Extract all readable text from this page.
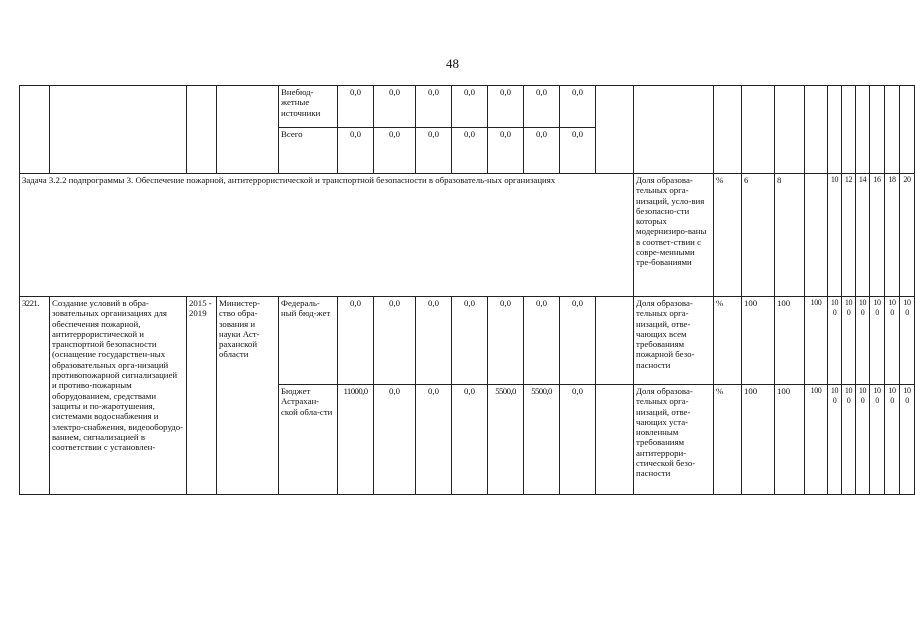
48
				Внебюд-жетные источники	0,0	0,0	0,0	0,0	0,0	0,0	0,0												
				Всего	0,0	0,0	0,0	0,0	0,0	0,0	0,0												
Задача 3.2.2 подпрограммы 3. Обеспечение пожарной, антитеррористической и транспортной безопасности в образователь-ных организациях													Доля образова-тельных орга-низаций, усло-вия безопасно-сти которых модернизиро-ваны в соответ-ствии с совре-менными тре-бованиями	%	6	8		10	12	14	16	18	20
3221.	Создание условий в обра-зовательных организациях для обеспечения пожарной, антитеррористической и транспортной безопасности (оснащение государствен-ных образовательных орга-низаций противопожарной сигнализацией и противо-пожарным оборудованием, средствами защиты и по-жаротушения, системами водоснабжения и электро-снабжения, видеооборудо-ванием, сигнализацией в соответствии с установлен-	2015 - 2019	Министер-ство обра-зования и науки Аст-раханской области	Федераль-ный бюд-жет	0,0	0,0	0,0	0,0	0,0	0,0	0,0		Доля образова-тельных орга-низаций, отве-чающих всем требованиям пожарной безо-пасности	%	100	100	100	100	100	100	100	100	100
				Бюджет Астрахан-ской обла-сти	11000,0	0,0	0,0	0,0	5500,0	5500,0	0,0		Доля образова-тельных орга-низаций, отве-чающих уста-новленным требованиям антитеррори-стической безо-пасности	%	100	100	100	100	100	100	100	100	100
